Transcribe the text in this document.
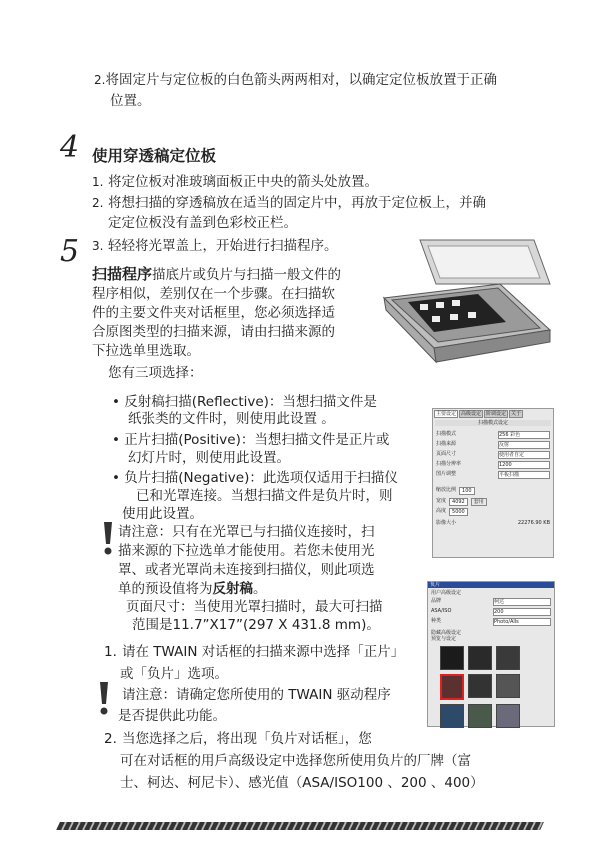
2.将固定片与定位板的白色箭头两两相对，以确定定位板放置于正确
位置。
4 使用穿透稿定位板
1. 将定位板对准玻璃面板正中央的箭头处放置。
2. 将想扫描的穿透稿放在适当的固定片中，再放于定位板上，并确
定定位板没有盖到色彩校正栏。
3. 轻轻将光罩盖上，开始进行扫描程序。
5
扫描程序描底片或负片与扫描一般文件的
程序相似，差别仅在一个步骤。在扫描软
件的主要文件夹对话框里，您必须选择适
合原图类型的扫描来源，请由扫描来源的
下拉选单里选取。
您有三项选择：
• 反射稿扫描(Reflective)：当想扫描文件是
纸张类的文件时，则使用此设置 。
• 正片扫描(Positive)：当想扫描文件是正片或
幻灯片时，则使用此设置。
• 负片扫描(Negative)：此选项仅适用于扫描仪
已和光罩连接。当想扫描文件是负片时，则
使用此设置。
请注意：只有在光罩已与扫描仪连接时，扫
描来源的下拉选单才能使用。若您未使用光
罩、或者光罩尚未连接到扫描仪，则此项选
单的预设值将为反射稿。
页面尺寸：当使用光罩扫描时，最大可扫描
范围是11.7”X17”(297 X 431.8 mm)。
1. 请在 TWAIN 对话框的扫描来源中选择「正片」
或「负片」选项。
请注意：请确定您所使用的 TWAIN 驱动程序
是否提供此功能。
2. 当您选择之后，将出现「负片对话框」，您
可在对话框的用戶高级设定中选择您所使用负片的厂牌（富
士、柯达、柯尼卡）、感光值（ASA/ISO100 、200 、400）
主要设定	高级设定	阶调设定	关于
扫描模式设定
扫描模式	256 彩色
扫描来源	反射
页面尺寸	使用者自定
扫描分辨率	1200
图片调整	平板扫描
缩放比例	100
宽度	4092	套用
高度	5000
影像大小	22276.90 KB
负片
用户高级设定
品牌	柯达
ASA/ISO	200
种类	Photo/Alls
隐藏高级设定
预览与设定
